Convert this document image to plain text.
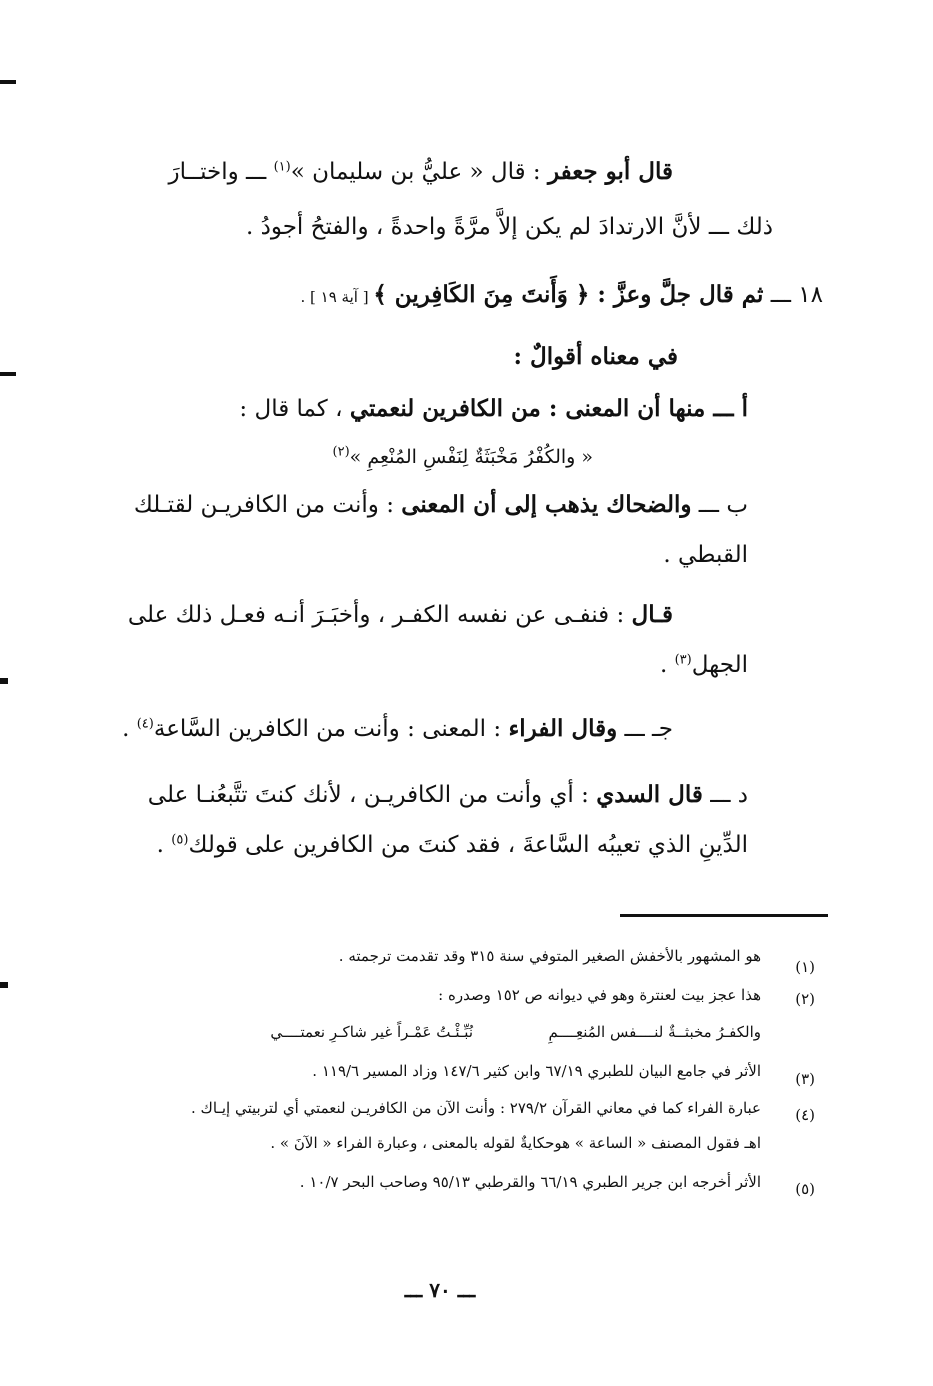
قال أبو جعفر : قال « عليُّ بن سليمان »$^{(١)}$ ـــ واختــارَ
ذلك ـــ لأنَّ الارتدادَ لم يكن إلاَّ مرَّةً واحدةً ، والفتحُ أجودُ .
١٨ ـــ ثم قال جلَّ وعزَّ : ﴿ وَأَنتَ مِنَ الكَافِرين ﴾ [ آية ١٩ ] .
في معناه أقوالٌ :
أ ـــ منها أن المعنى : من الكافرين لنعمتي ، كما قال :
« والكُفْرُ مَخْبَثَةٌ لِنَفْسِ المُنْعِمِ »$^{(٢)}$
ب ـــ والضحاك يذهب إلى أن المعنى : وأنت من الكافريـن لقتـلك
القبطي .
قـال : فنفـى عن نفسه الكفـر ، وأخبَـرَ أنـه فعـل ذلك على
الجهل$^{(٣)}$ .
جـ ـــ وقال الفراء : المعنى : وأنت من الكافرين السَّاعة$^{(٤)}$ .
د ـــ قال السدي : أي وأنت من الكافريـن ، لأنك كنتَ تتَّبعُنـا على
الدِّينِ الذي تعيبُه السَّاعةَ ، فقد كنتَ من الكافرين على قولك$^{(٥)}$ .
(١)
هو المشهور بالأخفش الصغير المتوفي سنة ٣١٥ وقد تقدمت ترجمته .
(٢)
هذا عجز بيت لعنترة وهو في ديوانه ص ١٥٢ وصدره :
نُبِّـئْـتُ عَمْـراً غير شاكـرِ نعمتــــي	والكفـرُ مخبثــةٌ لنــــفس المُنعِــــمِ
(٣)
الأثر في جامع البيان للطبري ٦٧/١٩ وابن كثير ١٤٧/٦ وزاد المسير ١١٩/٦ .
(٤)
عبارة الفراء كما في معاني القرآن ٢٧٩/٢ : وأنت الآن من الكافريـن لنعمتي أي لتربيتي إيـاك .
اهـ فقول المصنف « الساعة » هوحكايةٌ لقوله بالمعنى ، وعبارة الفراء « الآنَ » .
(٥)
الأثر أخرجه ابن جرير الطبري ٦٦/١٩ والقرطبي ٩٥/١٣ وصاحب البحر ١٠/٧ .
ـــ ٧٠ ـــ
